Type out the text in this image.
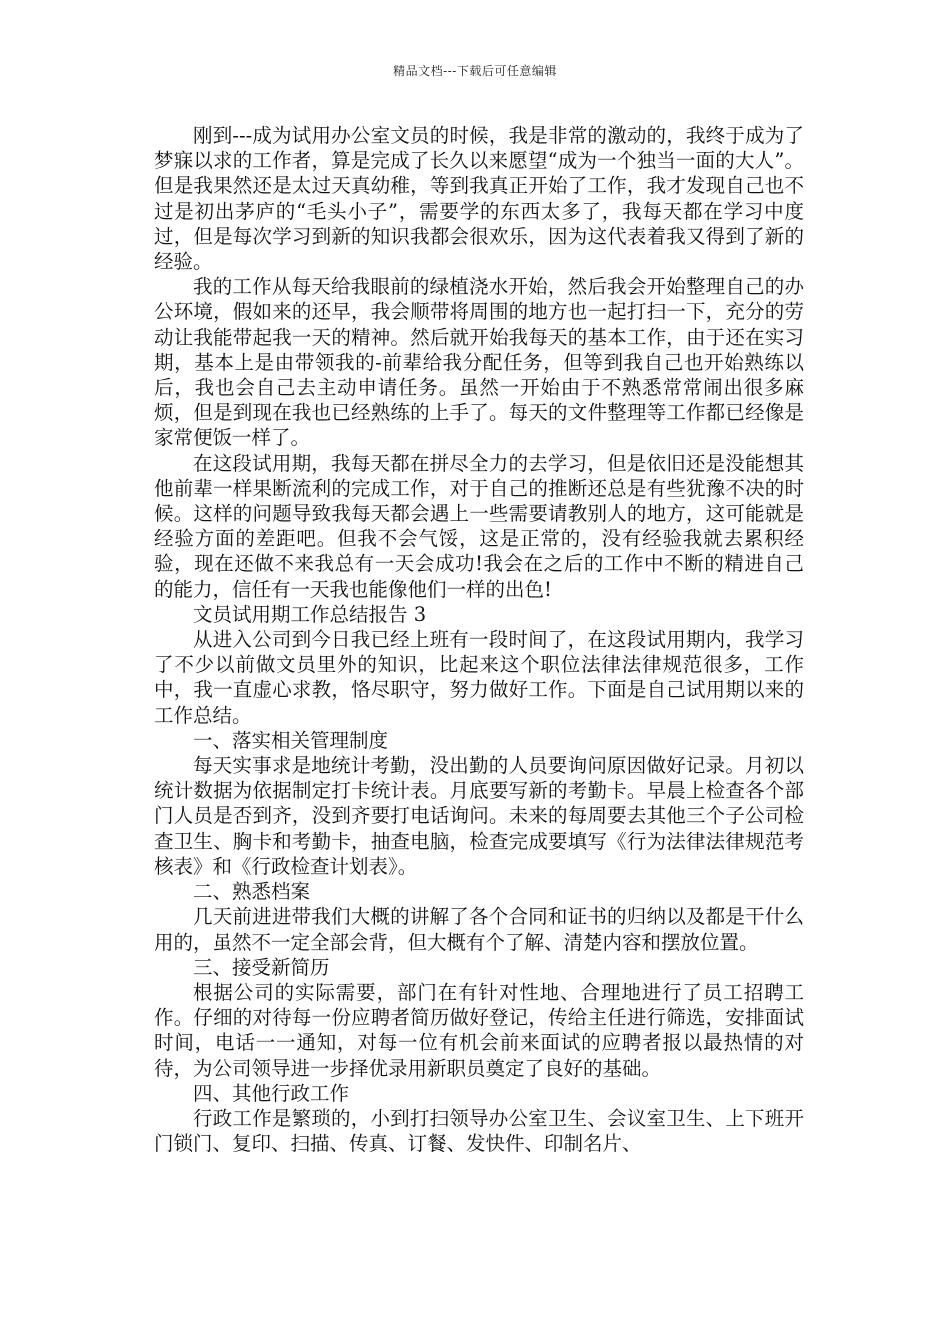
精品文档---下载后可任意编辑

刚到---成为试用办公室文员的时候，我是非常的激动的，我终于成为了梦寐以求的工作者，算是完成了长久以来愿望“成为一个独当一面的大人”。但是我果然还是太过天真幼稚，等到我真正开始了工作，我才发现自己也不过是初出茅庐的“毛头小子”，需要学的东西太多了，我每天都在学习中度过，但是每次学习到新的知识我都会很欢乐，因为这代表着我又得到了新的经验。

我的工作从每天给我眼前的绿植浇水开始，然后我会开始整理自己的办公环境，假如来的还早，我会顺带将周围的地方也一起打扫一下，充分的劳动让我能带起我一天的精神。然后就开始我每天的基本工作，由于还在实习期，基本上是由带领我的-前辈给我分配任务，但等到我自己也开始熟练以后，我也会自己去主动申请任务。虽然一开始由于不熟悉常常闹出很多麻烦，但是到现在我也已经熟练的上手了。每天的文件整理等工作都已经像是家常便饭一样了。

在这段试用期，我每天都在拼尽全力的去学习，但是依旧还是没能想其他前辈一样果断流利的完成工作，对于自己的推断还总是有些犹豫不决的时候。这样的问题导致我每天都会遇上一些需要请教别人的地方，这可能就是经验方面的差距吧。但我不会气馁，这是正常的，没有经验我就去累积经验，现在还做不来我总有一天会成功!我会在之后的工作中不断的精进自己的能力，信任有一天我也能像他们一样的出色!

文员试用期工作总结报告 3

从进入公司到今日我已经上班有一段时间了，在这段试用期内，我学习了不少以前做文员里外的知识，比起来这个职位法律法律规范很多，工作中，我一直虚心求教，恪尽职守，努力做好工作。下面是自己试用期以来的工作总结。

一、落实相关管理制度

每天实事求是地统计考勤，没出勤的人员要询问原因做好记录。月初以统计数据为依据制定打卡统计表。月底要写新的考勤卡。早晨上检查各个部门人员是否到齐，没到齐要打电话询问。未来的每周要去其他三个子公司检查卫生、胸卡和考勤卡，抽查电脑，检查完成要填写《行为法律法律规范考核表》和《行政检查计划表》。

二、熟悉档案

几天前进进带我们大概的讲解了各个合同和证书的归纳以及都是干什么用的，虽然不一定全部会背，但大概有个了解、清楚内容和摆放位置。

三、接受新简历

根据公司的实际需要，部门在有针对性地、合理地进行了员工招聘工作。仔细的对待每一份应聘者简历做好登记，传给主任进行筛选，安排面试时间，电话一一通知，对每一位有机会前来面试的应聘者报以最热情的对待，为公司领导进一步择优录用新职员奠定了良好的基础。

四、其他行政工作

行政工作是繁琐的，小到打扫领导办公室卫生、会议室卫生、上下班开门锁门、复印、扫描、传真、订餐、发快件、印制名片、
